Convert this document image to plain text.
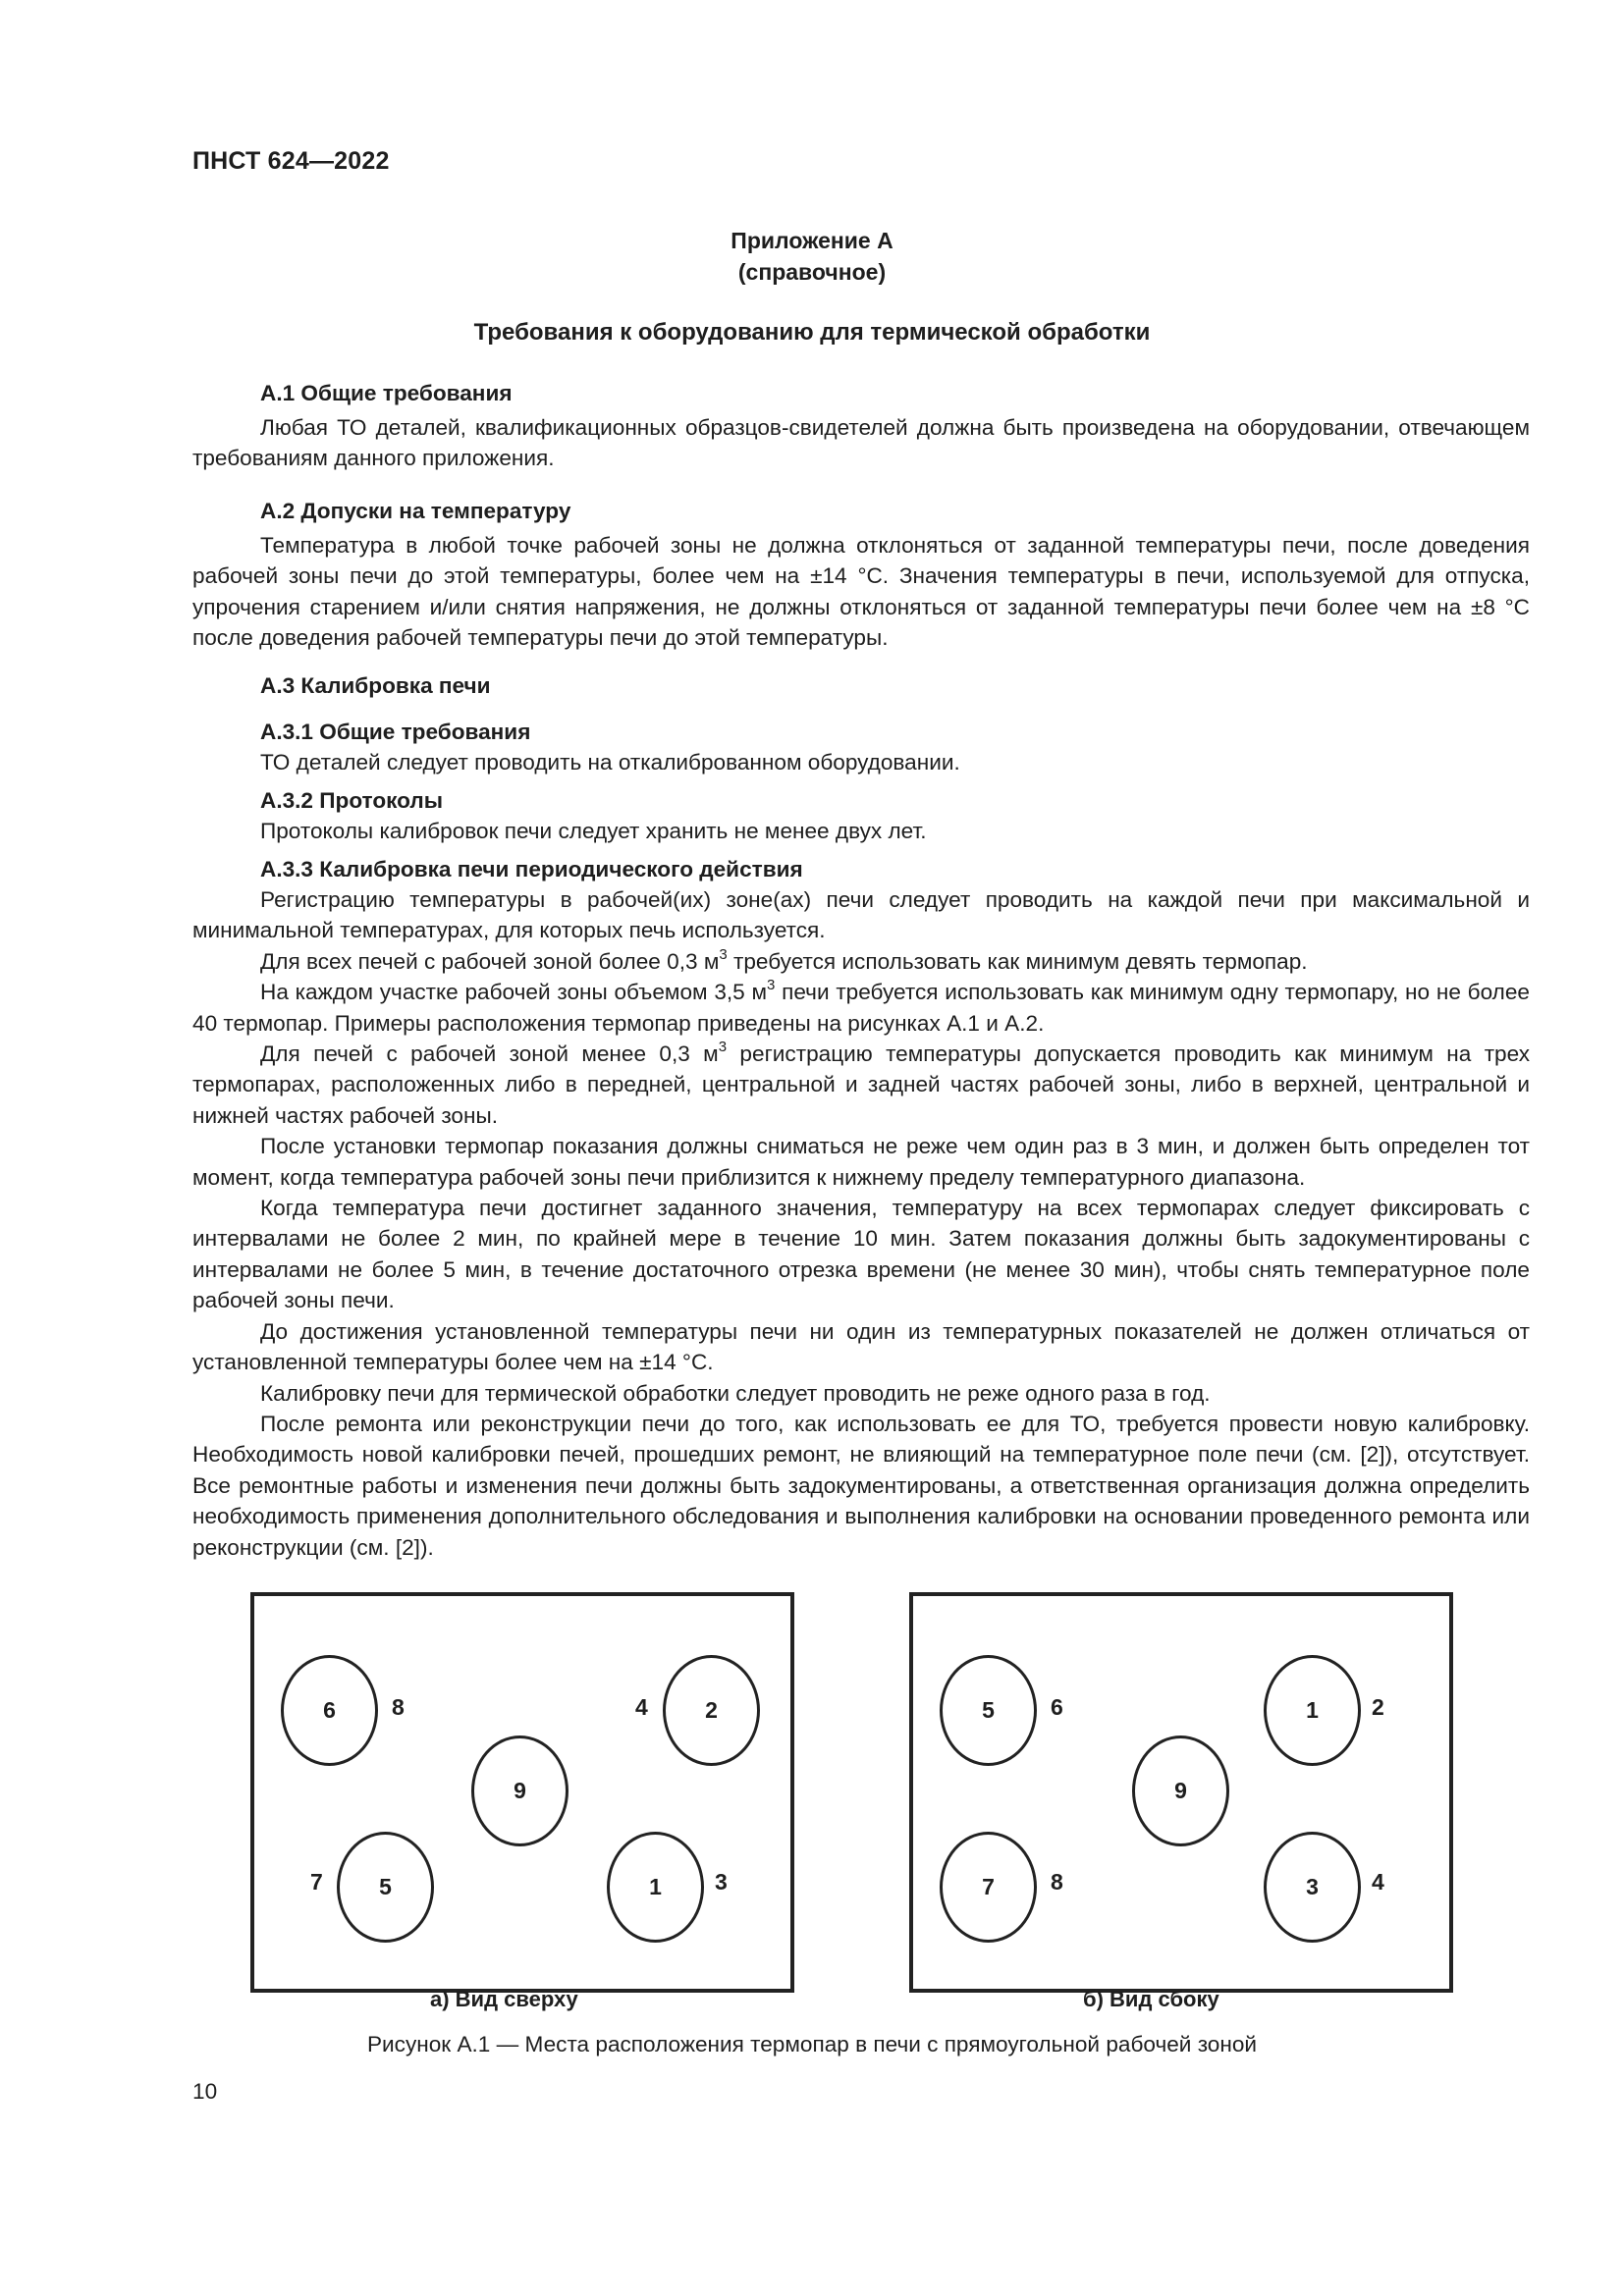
ПНСТ 624—2022
Приложение А
(справочное)
Требования к оборудованию для термической обработки

А.1 Общие требования

Любая ТО деталей, квалификационных образцов-свидетелей должна быть произведена на оборудовании, отвечающем требованиям данного приложения.

А.2 Допуски на температуру

Температура в любой точке рабочей зоны не должна отклоняться от заданной температуры печи, после доведения рабочей зоны печи до этой температуры, более чем на ±14 °С. Значения температуры в печи, используемой для отпуска, упрочения старением и/или снятия напряжения, не должны отклоняться от заданной температуры печи более чем на ±8 °С после доведения рабочей температуры печи до этой температуры.

А.3 Калибровка печи

А.3.1 Общие требования

ТО деталей следует проводить на откалиброванном оборудовании.

А.3.2 Протоколы

Протоколы калибровок печи следует хранить не менее двух лет.

А.3.3 Калибровка печи периодического действия

Регистрацию температуры в рабочей(их) зоне(ах) печи следует проводить на каждой печи при максимальной и минимальной температурах, для которых печь используется.

Для всех печей с рабочей зоной более 0,3 $м^3$ требуется использовать как минимум девять термопар.

На каждом участке рабочей зоны объемом 3,5 $м^3$ печи требуется использовать как минимум одну термопару, но не более 40 термопар. Примеры расположения термопар приведены на рисунках А.1 и А.2.

Для печей с рабочей зоной менее 0,3 $м^3$ регистрацию температуры допускается проводить как минимум на трех термопарах, расположенных либо в передней, центральной и задней частях рабочей зоны, либо в верхней, центральной и нижней частях рабочей зоны.

После установки термопар показания должны сниматься не реже чем один раз в 3 мин, и должен быть определен тот момент, когда температура рабочей зоны печи приблизится к нижнему пределу температурного диапазона.

Когда температура печи достигнет заданного значения, температуру на всех термопарах следует фиксировать с интервалами не более 2 мин, по крайней мере в течение 10 мин. Затем показания должны быть задокументированы с интервалами не более 5 мин, в течение достаточного отрезка времени (не менее 30 мин), чтобы снять температурное поле рабочей зоны печи.

До достижения установленной температуры печи ни один из температурных показателей не должен отличаться от установленной температуры более чем на ±14 °С.

Калибровку печи для термической обработки следует проводить не реже одного раза в год.

После ремонта или реконструкции печи до того, как использовать ее для ТО, требуется провести новую калибровку. Необходимость новой калибровки печей, прошедших ремонт, не влияющий на температурное поле печи (см. [2]), отсутствует. Все ремонтные работы и изменения печи должны быть задокументированы, а ответственная организация должна определить необходимость применения дополнительного обследования и выполнения калибровки на основании проведенного ремонта или реконструкции (см. [2]).

6	8	2
4
9
5
7	1	3
5	6	1	2
9
7	8	3	4
а) Вид сверху	б) Вид сбоку
Рисунок А.1 — Места расположения термопар в печи с прямоугольной рабочей зоной
10
